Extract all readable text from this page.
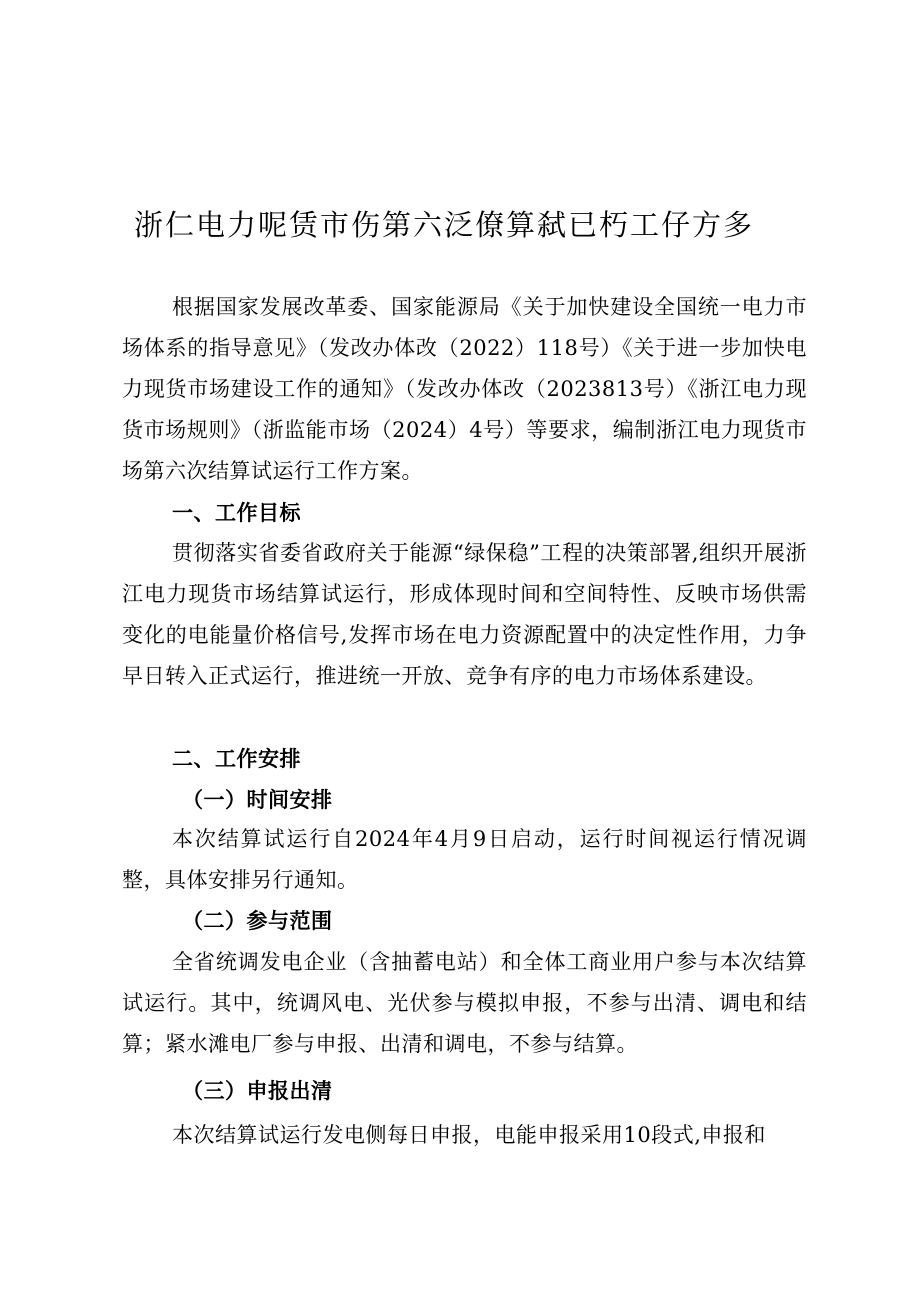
浙仁电力呢赁市伤第六泛僚算弑已朽工仔方多
根据国家发展改革委、国家能源局《关于加快建设全国统一电力市场体系的指导意见》（发改办体改（2022）118号）《关于进一步加快电力现货市场建设工作的通知》（发改办体改（2023813号）《浙江电力现货市场规则》（浙监能市场（2024）4号）等要求，编制浙江电力现货市场第六次结算试运行工作方案。
一、工作目标
贯彻落实省委省政府关于能源“绿保稳”工程的决策部署,组织开展浙江电力现货市场结算试运行，形成体现时间和空间特性、反映市场供需变化的电能量价格信号,发挥市场在电力资源配置中的决定性作用，力争早日转入正式运行，推进统一开放、竞争有序的电力市场体系建设。
二、工作安排
（一）时间安排
本次结算试运行自2024年4月9日启动，运行时间视运行情况调整，具体安排另行通知。
（二）参与范围
全省统调发电企业（含抽蓄电站）和全体工商业用户参与本次结算试运行。其中，统调风电、光伏参与模拟申报，不参与出清、调电和结算；紧水滩电厂参与申报、出清和调电，不参与结算。
（三）申报出清
本次结算试运行发电侧每日申报，电能申报采用10段式,申报和
